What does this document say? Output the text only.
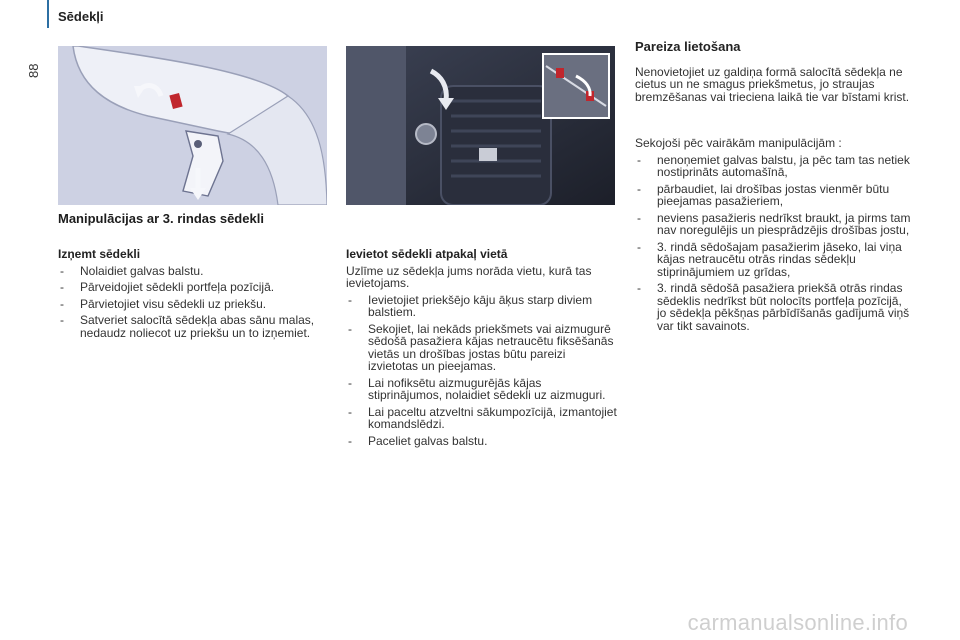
Sēdekļi
88
Manipulācijas ar 3. rindas sēdekli
Izņemt sēdekli
- Nolaidiet galvas balstu.
- Pārveidojiet sēdekli portfeļa pozīcijā.
- Pārvietojiet visu sēdekli uz priekšu.
- Satveriet salocītā sēdekļa abas sānu malas, nedaudz noliecot uz priekšu un to izņemiet.
Ievietot sēdekli atpakaļ vietā

Uzlīme uz sēdekļa jums norāda vietu, kurā tas ievietojams.

- Ievietojiet priekšējo kāju āķus starp diviem balstiem.
- Sekojiet, lai nekāds priekšmets vai aizmugurē sēdošā pasažiera kājas netraucētu fiksēšanās vietās un drošības jostas būtu pareizi izvietotas un pieejamas.
- Lai nofiksētu aizmugurējās kājas stiprinājumos, nolaidiet sēdekli uz aizmuguri.
- Lai paceltu atzveltni sākumpozīcijā, izmantojiet komandslēdzi.
- Paceliet galvas balstu.
Pareiza lietošana

Nenovietojiet uz galdiņa formā salocītā sēdekļa ne cietus un ne smagus priekšmetus, jo straujas bremzēšanas vai trieciena laikā tie var bīstami krist.

Sekojoši pēc vairākām manipulācijām :

- nenoņemiet galvas balstu, ja pēc tam tas netiek nostiprināts automašīnā,
- pārbaudiet, lai drošības jostas vienmēr būtu pieejamas pasažieriem,
- neviens pasažieris nedrīkst braukt, ja pirms tam nav noregulējis un piesprādzējis drošības jostu,
- 3. rindā sēdošajam pasažierim jāseko, lai viņa kājas netraucētu otrās rindas sēdekļu stiprinājumiem uz grīdas,
- 3. rindā sēdošā pasažiera priekšā otrās rindas sēdeklis nedrīkst būt nolocīts portfeļa pozīcijā, jo sēdekļa pēkšņas pārbīdīšanās gadījumā viņš var tikt savainots.
carmanualsonline.info
